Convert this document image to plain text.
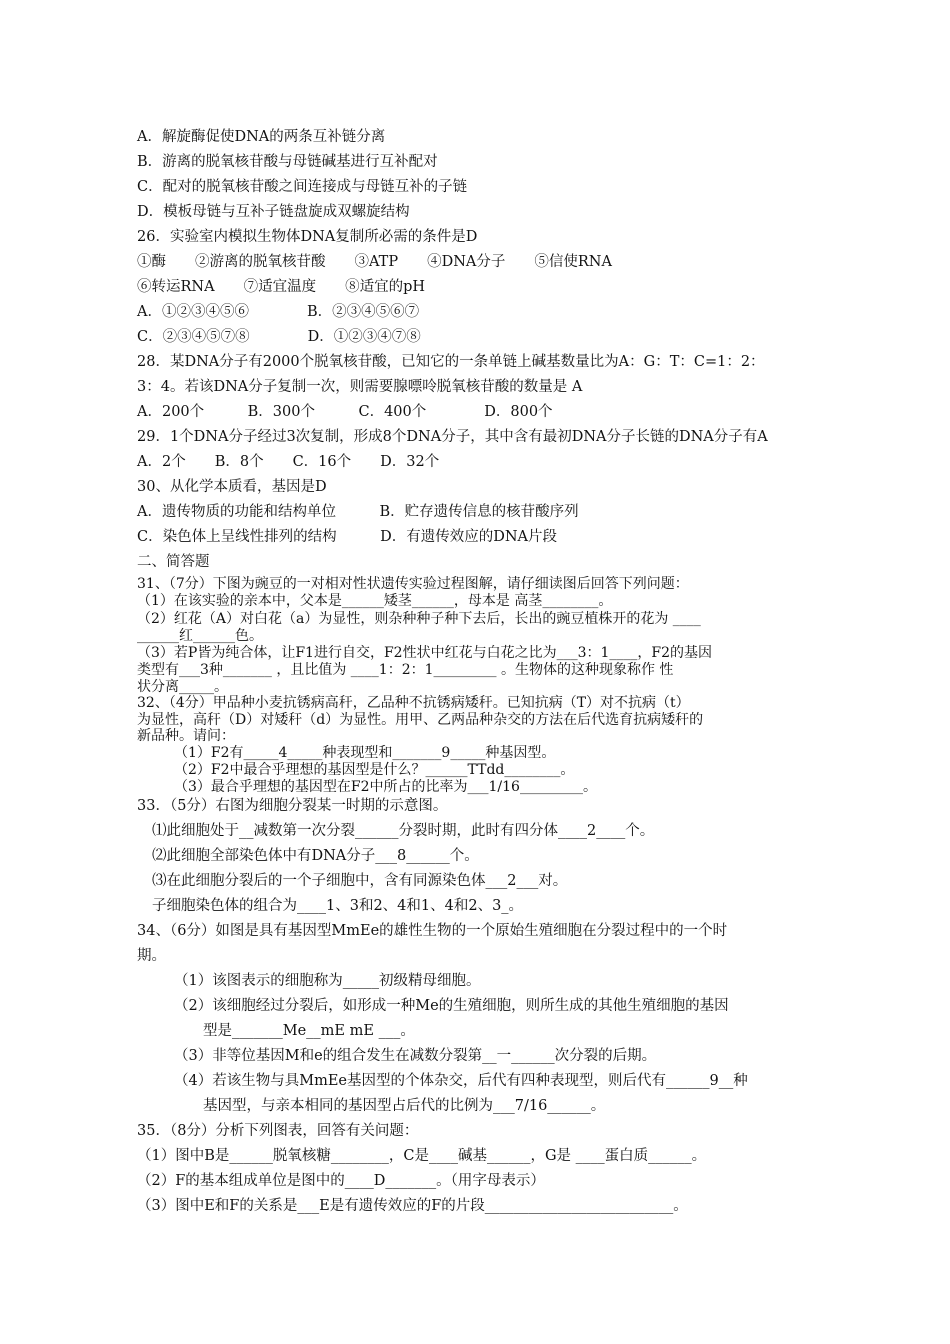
A．解旋酶促使DNA的两条互补链分离
B．游离的脱氧核苷酸与母链碱基进行互补配对
C．配对的脱氧核苷酸之间连接成与母链互补的子链
D．模板母链与互补子链盘旋成双螺旋结构
26．实验室内模拟生物体DNA复制所必需的条件是D
①酶　　②游离的脱氧核苷酸　　③ATP　　④DNA分子　　⑤信使RNA
⑥转运RNA　　⑦适宜温度　　⑧适宜的pH
A．①②③④⑤⑥　　　　B．②③④⑤⑥⑦
C．②③④⑤⑦⑧　　　　D．①②③④⑦⑧
28．某DNA分子有2000个脱氧核苷酸，已知它的一条单链上碱基数量比为A：G：T：C=1：2：
3：4。若该DNA分子复制一次，则需要腺嘌呤脱氧核苷酸的数量是 A
A．200个　　　B．300个　　　C．400个　　　　D．800个
29．1个DNA分子经过3次复制，形成8个DNA分子，其中含有最初DNA分子长链的DNA分子有A
A．2个　　B．8个　　C．16个　　D．32个
30、从化学本质看，基因是D
A．遗传物质的功能和结构单位　　　B．贮存遗传信息的核苷酸序列
C．染色体上呈线性排列的结构　　　D．有遗传效应的DNA片段
二、简答题
31、（7分）下图为豌豆的一对相对性状遗传实验过程图解，请仔细读图后回答下列问题：
（1）在该实验的亲本中，父本是______矮茎______，母本是 高茎________。
（2）红花（A）对白花（a）为显性，则杂种种子种下去后，长出的豌豆植株开的花为 ____
______红______色。
（3）若P皆为纯合体，让F1进行自交，F2性状中红花与白花之比为___3：1____，F2的基因
类型有___3种_______ ，且比值为 ____1：2：1_________ 。生物体的这种现象称作 性
状分离_____。
32、（4分）甲品种小麦抗锈病高秆，乙品种不抗锈病矮秆。已知抗病（T）对不抗病（t）
为显性，高秆（D）对矮秆（d）为显性。用甲、乙两品种杂交的方法在后代选育抗病矮秆的
新品种。请问：
（1）F2有_____4_____种表现型和_______9_____种基因型。
（2）F2中最合乎理想的基因型是什么？______TTdd________。
（3）最合乎理想的基因型在F2中所占的比率为___1/16_________。
33．（5分）右图为细胞分裂某一时期的示意图。
⑴此细胞处于__减数第一次分裂______分裂时期，此时有四分体____2____个。
⑵此细胞全部染色体中有DNA分子___8______个。
⑶在此细胞分裂后的一个子细胞中，含有同源染色体___2___对。
子细胞染色体的组合为____1、3和2、4和1、4和2、3_。
34、（6分）如图是具有基因型MmEe的雄性生物的一个原始生殖细胞在分裂过程中的一个时
期。
（1）该图表示的细胞称为_____初级精母细胞。
（2）该细胞经过分裂后，如形成一种Me的生殖细胞，则所生成的其他生殖细胞的基因
型是_______Me__mE mE ___。
（3）非等位基因M和e的组合发生在减数分裂第__一______次分裂的后期。
（4）若该生物与具MmEe基因型的个体杂交，后代有四种表现型，则后代有______9__种
基因型，与亲本相同的基因型占后代的比例为___7/16______。
35．（8分）分析下列图表，回答有关问题：
（1）图中B是______脱氧核糖________，C是____碱基______，G是 ____蛋白质______。
（2）F的基本组成单位是图中的____D_______。（用字母表示）
（3）图中E和F的关系是___E是有遗传效应的F的片段__________________________。
